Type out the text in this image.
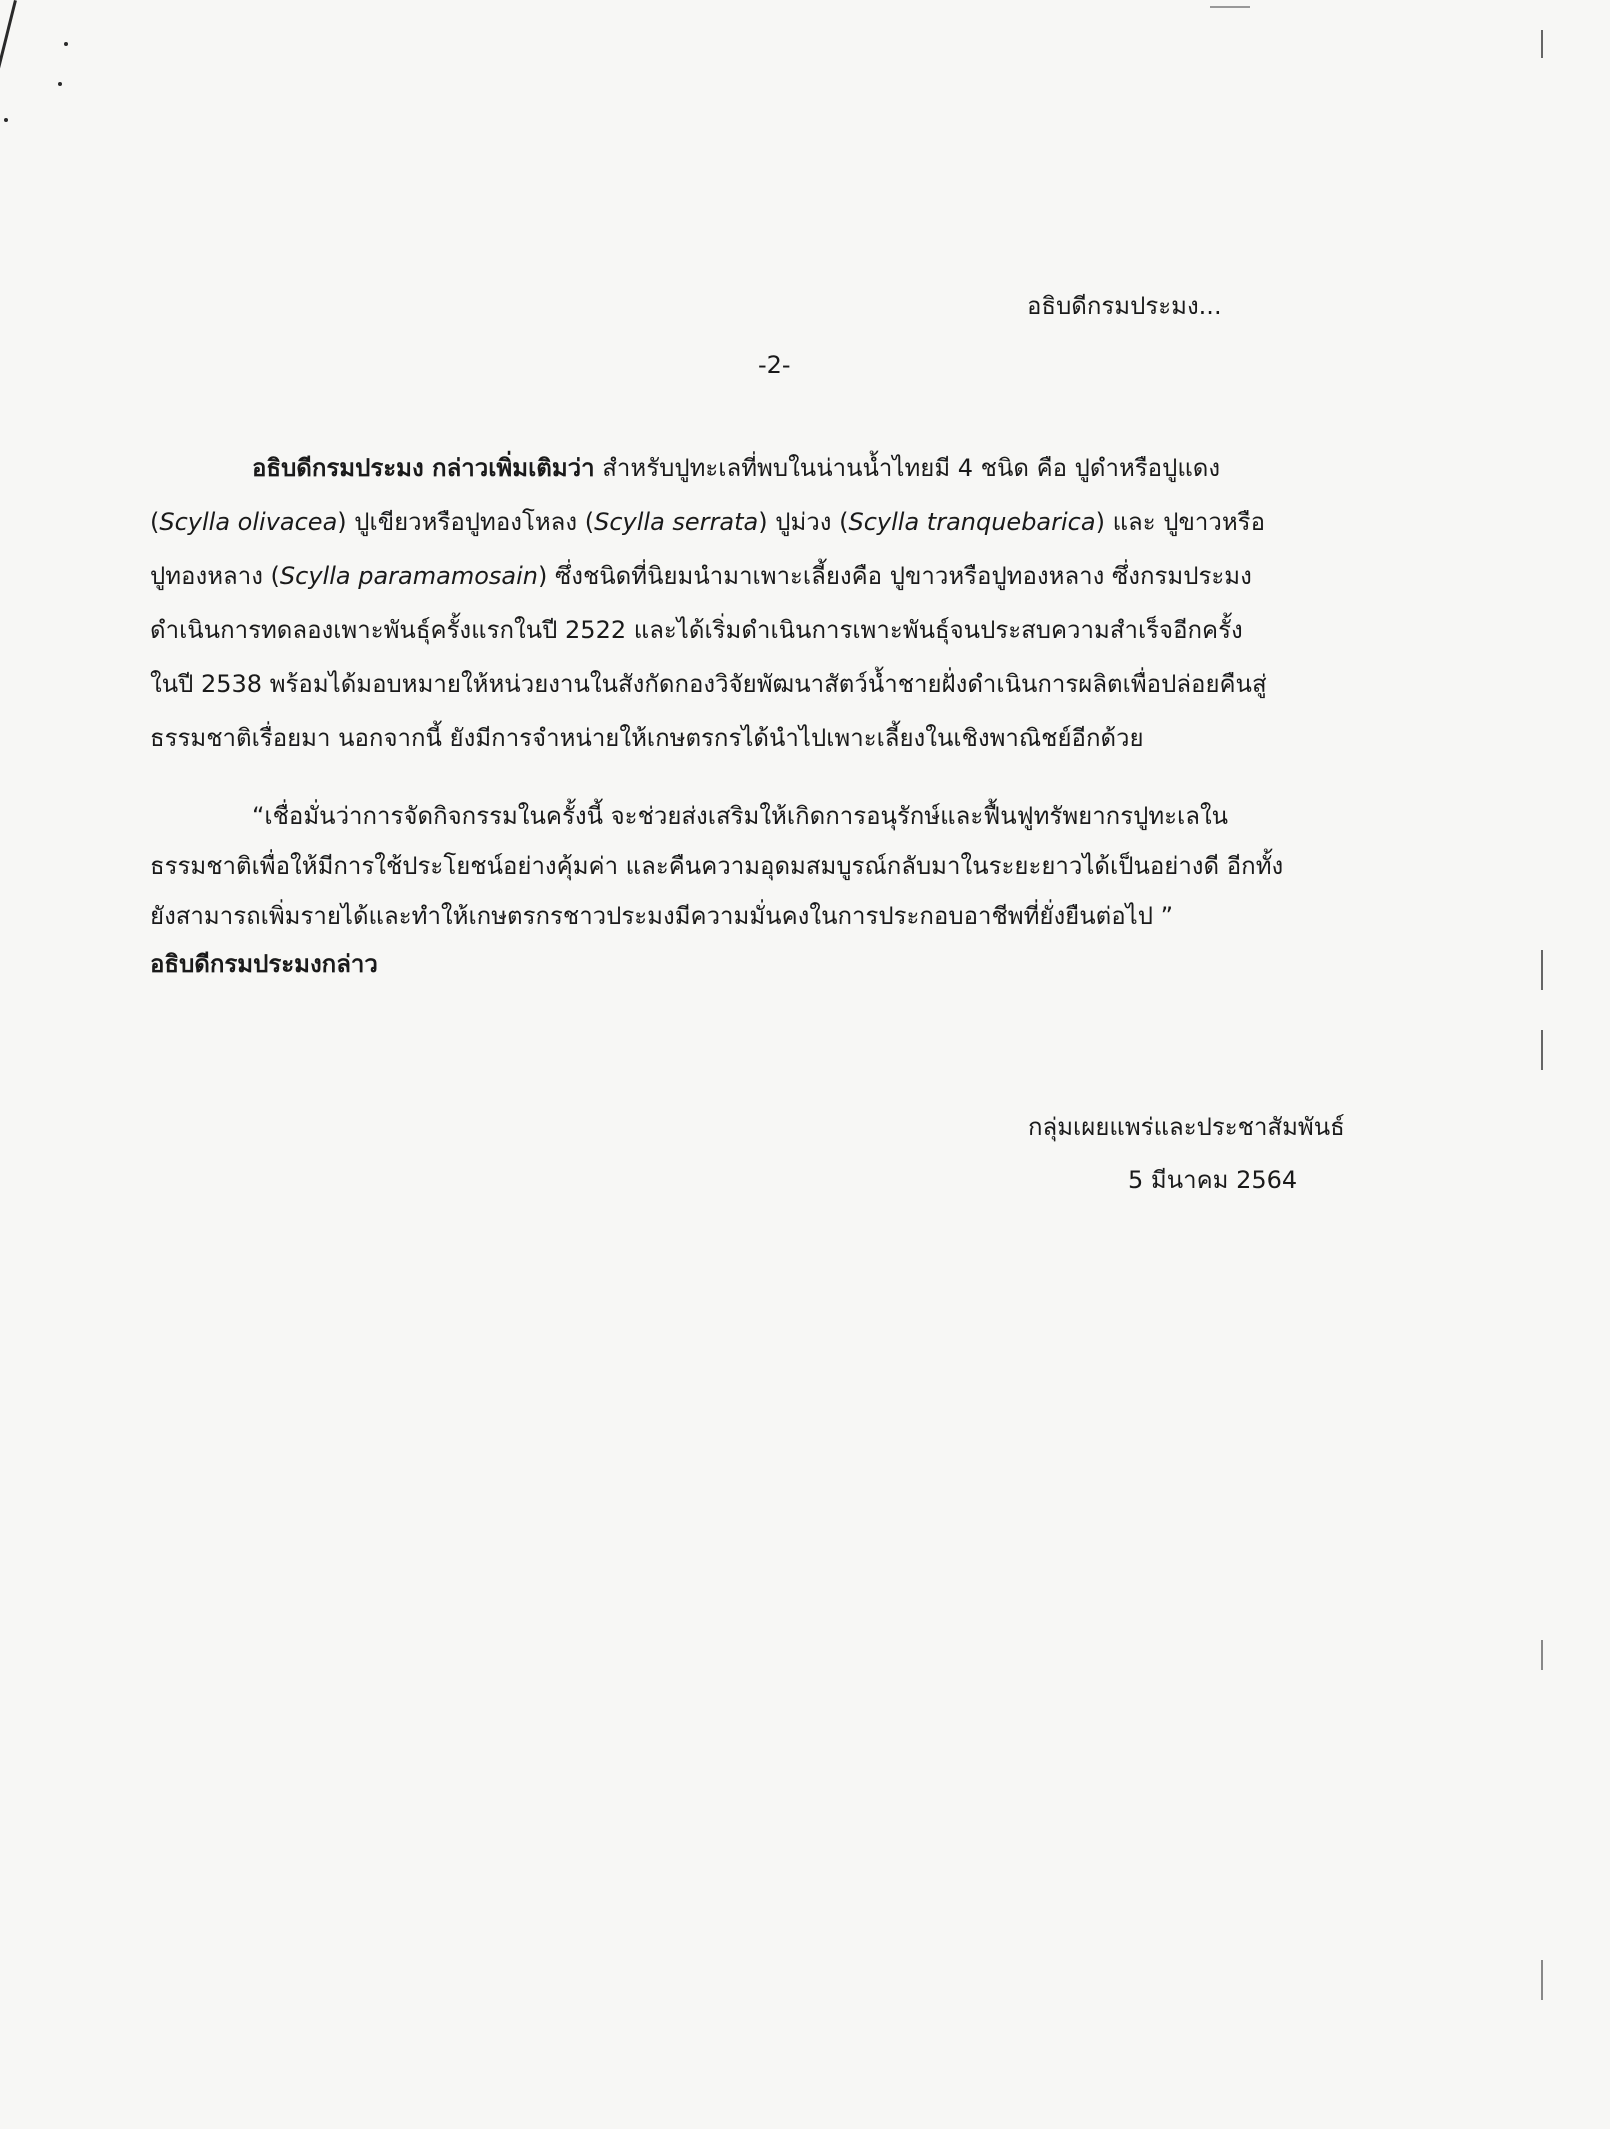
อธิบดีกรมประมง...
-2-
อธิบดีกรมประมง กล่าวเพิ่มเติมว่า สำหรับปูทะเลที่พบในน่านน้ำไทยมี 4 ชนิด คือ ปูดำหรือปูแดง
(Scylla olivacea) ปูเขียวหรือปูทองโหลง (Scylla serrata) ปูม่วง (Scylla tranquebarica) และ ปูขาวหรือ
ปูทองหลาง (Scylla paramamosain) ซึ่งชนิดที่นิยมนำมาเพาะเลี้ยงคือ ปูขาวหรือปูทองหลาง ซึ่งกรมประมง
ดำเนินการทดลองเพาะพันธุ์ครั้งแรกในปี 2522 และได้เริ่มดำเนินการเพาะพันธุ์จนประสบความสำเร็จอีกครั้ง
ในปี 2538 พร้อมได้มอบหมายให้หน่วยงานในสังกัดกองวิจัยพัฒนาสัตว์น้ำชายฝั่งดำเนินการผลิตเพื่อปล่อยคืนสู่
ธรรมชาติเรื่อยมา นอกจากนี้ ยังมีการจำหน่ายให้เกษตรกรได้นำไปเพาะเลี้ยงในเชิงพาณิชย์อีกด้วย
“เชื่อมั่นว่าการจัดกิจกรรมในครั้งนี้ จะช่วยส่งเสริมให้เกิดการอนุรักษ์และฟื้นฟูทรัพยากรปูทะเลใน
ธรรมชาติเพื่อให้มีการใช้ประโยชน์อย่างคุ้มค่า และคืนความอุดมสมบูรณ์กลับมาในระยะยาวได้เป็นอย่างดี อีกทั้ง
ยังสามารถเพิ่มรายได้และทำให้เกษตรกรชาวประมงมีความมั่นคงในการประกอบอาชีพที่ยั่งยืนต่อไป ”
อธิบดีกรมประมงกล่าว
กลุ่มเผยแพร่และประชาสัมพันธ์
5 มีนาคม 2564
